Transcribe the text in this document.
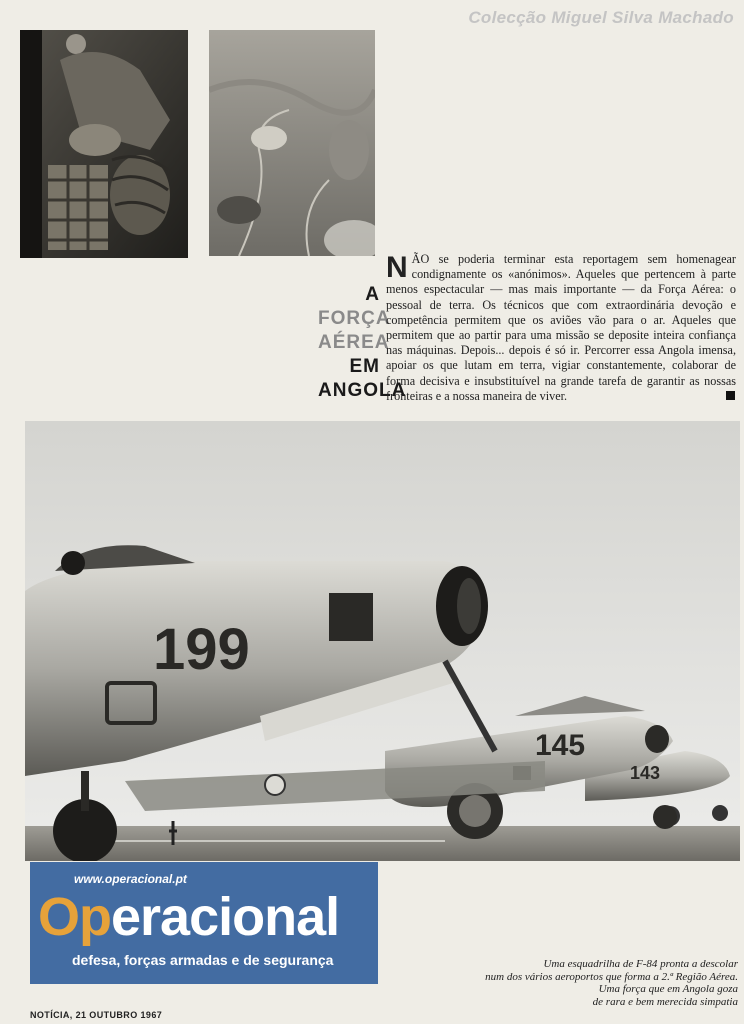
Colecção Miguel Silva Machado
A
FORÇA
AÉREA
EM
ANGOLA
NÃO se poderia terminar esta reportagem sem homenagear condignamente os «anónimos». Aqueles que pertencem à parte menos espectacular — mas mais importante — da Força Aérea: o pessoal de terra. Os técnicos que com extraordinária devoção e competência permitem que os aviões vão para o ar. Aqueles que permitem que ao partir para uma missão se deposite inteira confiança nas máquinas. Depois... depois é só ir. Percorrer essa Angola imensa, apoiar os que lutam em terra, vigiar constantemente, colaborar de forma decisiva e insubstituível na grande tarefa de garantir as nossas fronteiras e a nossa maneira de viver.
199
145
143
www.operacional.pt
Operacional
defesa, forças armadas e de segurança	Uma esquadrilha de F-84 pronta a descolar
num dos vários aeroportos que forma a 2.ª Região Aérea.
Uma força que em Angola goza
de rara e bem merecida simpatia
NOTÍCIA, 21 OUTUBRO 1967
